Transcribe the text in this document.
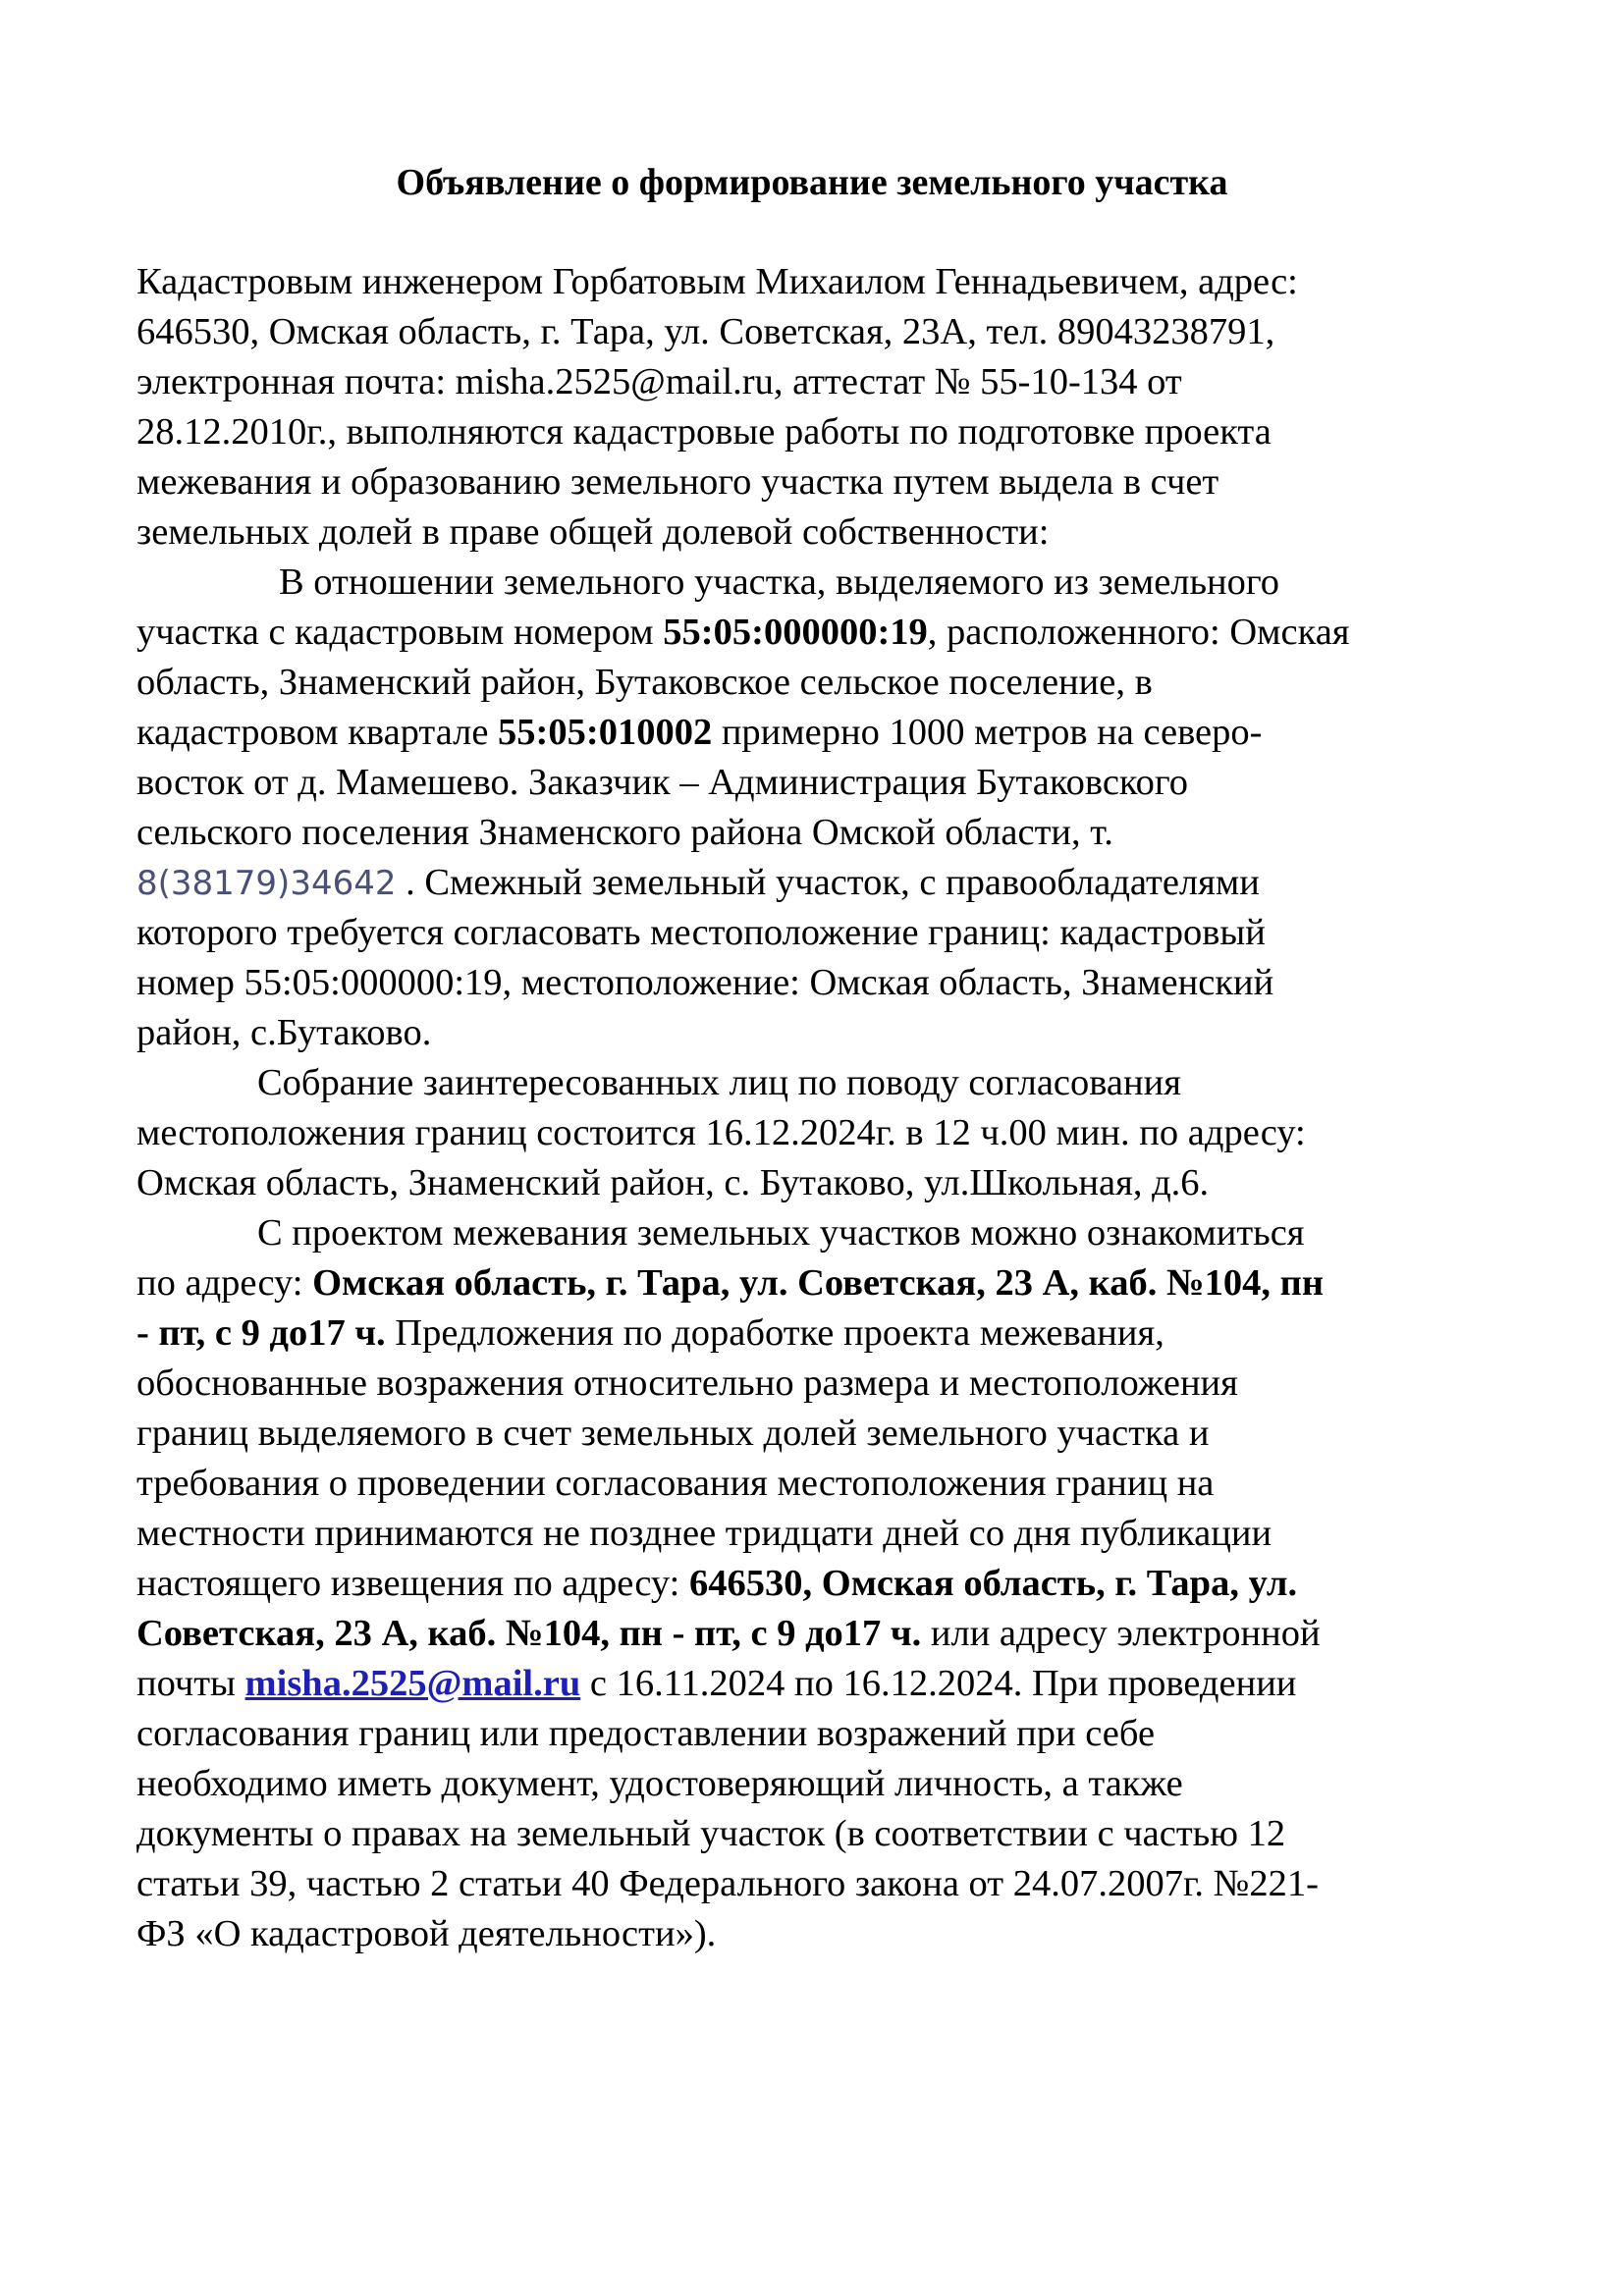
Объявление о формирование земельного участка
Кадастровым инженером Горбатовым Михаилом Геннадьевичем, адрес:
646530, Омская область, г. Тара, ул. Советская, 23А, тел. 89043238791,
электронная почта: misha.2525@mail.ru, аттестат № 55-10-134 от
28.12.2010г., выполняются кадастровые работы по подготовке проекта
межевания и образованию земельного участка путем выдела в счет
земельных долей в праве общей долевой собственности:
В отношении земельного участка, выделяемого из земельного
участка с кадастровым номером 55:05:000000:19, расположенного: Омская
область, Знаменский район, Бутаковское сельское поселение, в
кадастровом квартале 55:05:010002 примерно 1000 метров на северо-
восток от д. Мамешево. Заказчик – Администрация Бутаковского
сельского поселения Знаменского района Омской области, т.
8(38179)34642 . Смежный земельный участок, с правообладателями
которого требуется согласовать местоположение границ: кадастровый
номер 55:05:000000:19, местоположение: Омская область, Знаменский
район, с.Бутаково.
Собрание заинтересованных лиц по поводу согласования
местоположения границ состоится 16.12.2024г. в 12 ч.00 мин. по адресу:
Омская область, Знаменский район, с. Бутаково, ул.Школьная, д.6.
С проектом межевания земельных участков можно ознакомиться
по адресу: Омская область, г. Тара, ул. Советская, 23 А, каб. №104, пн
- пт, с 9 до17 ч. Предложения по доработке проекта межевания,
обоснованные возражения относительно размера и местоположения
границ выделяемого в счет земельных долей земельного участка и
требования о проведении согласования местоположения границ на
местности принимаются не позднее тридцати дней со дня публикации
настоящего извещения по адресу: 646530, Омская область, г. Тара, ул.
Советская, 23 А, каб. №104, пн - пт, с 9 до17 ч. или адресу электронной
почты misha.2525@mail.ru с 16.11.2024 по 16.12.2024. При проведении
согласования границ или предоставлении возражений при себе
необходимо иметь документ, удостоверяющий личность, а также
документы о правах на земельный участок (в соответствии с частью 12
статьи 39, частью 2 статьи 40 Федерального закона от 24.07.2007г. №221-
ФЗ «О кадастровой деятельности»).
